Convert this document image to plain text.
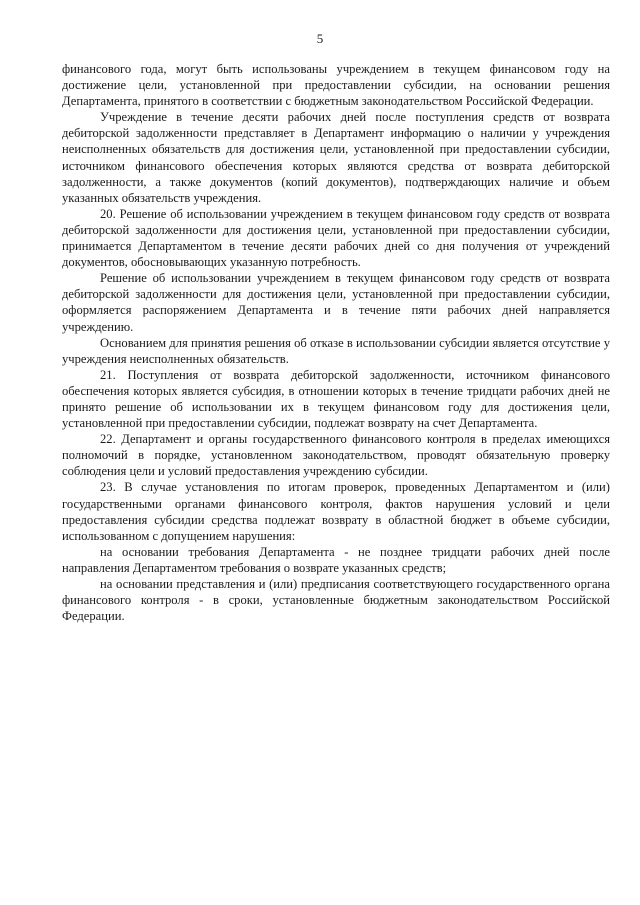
5

финансового года, могут быть использованы учреждением в текущем финансовом году на достижение цели, установленной при предоставлении субсидии, на основании решения Департамента, принятого в соответствии с бюджетным законодательством Российской Федерации.

Учреждение в течение десяти рабочих дней после поступления средств от возврата дебиторской задолженности представляет в Департамент информацию о наличии у учреждения неисполненных обязательств для достижения цели, установленной при предоставлении субсидии, источником финансового обеспечения которых являются средства от возврата дебиторской задолженности, а также документов (копий документов), подтверждающих наличие и объем указанных обязательств учреждения.

20. Решение об использовании учреждением в текущем финансовом году средств от возврата дебиторской задолженности для достижения цели, установленной при предоставлении субсидии, принимается Департаментом в течение десяти рабочих дней со дня получения от учреждений документов, обосновывающих указанную потребность.

Решение об использовании учреждением в текущем финансовом году средств от возврата дебиторской задолженности для достижения цели, установленной при предоставлении субсидии, оформляется распоряжением Департамента и в течение пяти рабочих дней направляется учреждению.

Основанием для принятия решения об отказе в использовании субсидии является отсутствие у учреждения неисполненных обязательств.

21. Поступления от возврата дебиторской задолженности, источником финансового обеспечения которых является субсидия, в отношении которых в течение тридцати рабочих дней не принято решение об использовании их в текущем финансовом году для достижения цели, установленной при предоставлении субсидии, подлежат возврату на счет Департамента.

22. Департамент и органы государственного финансового контроля в пределах имеющихся полномочий в порядке, установленном законодательством, проводят обязательную проверку соблюдения цели и условий предоставления учреждению субсидии.

23. В случае установления по итогам проверок, проведенных Департаментом и (или) государственными органами финансового контроля, фактов нарушения условий и цели предоставления субсидии средства подлежат возврату в областной бюджет в объеме субсидии, использованном с допущением нарушения:

на основании требования Департамента - не позднее тридцати рабочих дней после направления Департаментом требования о возврате указанных средств;

на основании представления и (или) предписания соответствующего государственного органа финансового контроля - в сроки, установленные бюджетным законодательством Российской Федерации.
